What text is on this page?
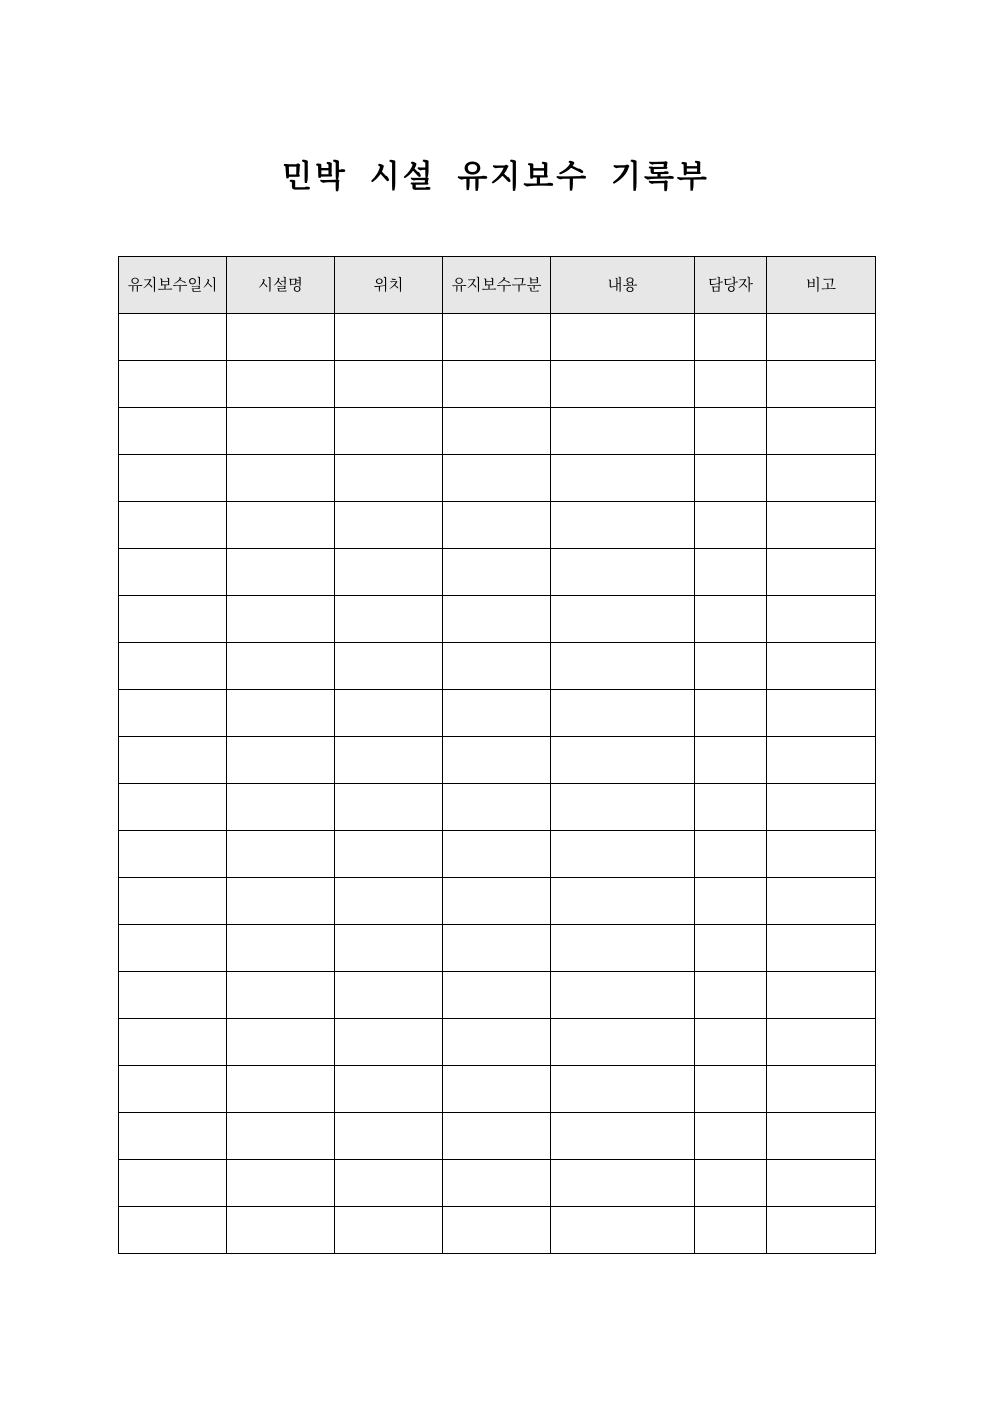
민박 시설 유지보수 기록부
유지보수일시	시설명	위치	유지보수구분	내용	담당자	비고
